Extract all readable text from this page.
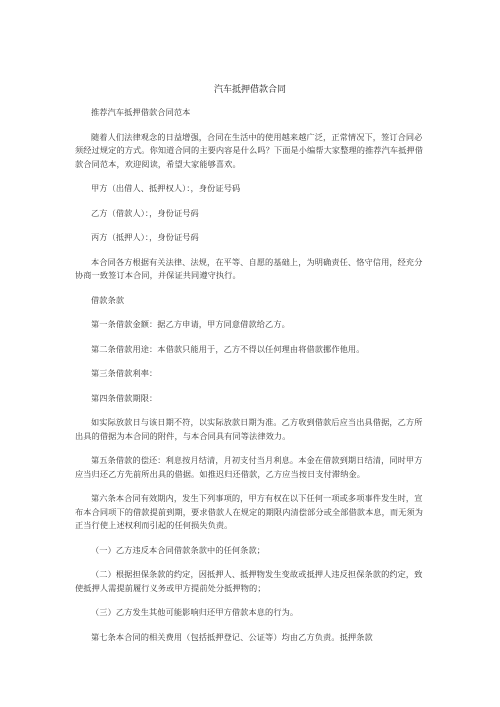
汽车抵押借款合同

推荐汽车抵押借款合同范本

随着人们法律观念的日益增强，合同在生活中的使用越来越广泛，正常情况下，签订合同必须经过规定的方式。你知道合同的主要内容是什么吗？下面是小编帮大家整理的推荐汽车抵押借款合同范本，欢迎阅读，希望大家能够喜欢。

甲方（出借人、抵押权人）：，身份证号码

乙方（借款人）：，身份证号码

丙方（抵押人）：，身份证号码

本合同各方根据有关法律、法规，在平等、自愿的基础上，为明确责任、恪守信用，经充分协商一致签订本合同，并保证共同遵守执行。

借款条款

第一条借款金额：据乙方申请，甲方同意借款给乙方。

第二条借款用途：本借款只能用于，乙方不得以任何理由将借款挪作他用。

第三条借款利率：

第四条借款期限：

如实际放款日与该日期不符，以实际放款日期为准。乙方收到借款后应当出具借据，乙方所出具的借据为本合同的附件，与本合同具有同等法律效力。

第五条借款的偿还：利息按月结清，月初支付当月利息。本金在借款到期日结清，同时甲方应当归还乙方先前所出具的借据。如推迟归还借款，乙方应当按日支付滞纳金。

第六条本合同有效期内，发生下列事项的，甲方有权在以下任何一项或多项事件发生时，宣布本合同项下的借款提前到期，要求借款人在规定的期限内清偿部分或全部借款本息，而无须为正当行使上述权利而引起的任何损失负责。

（一）乙方违反本合同借款条款中的任何条款；

（二）根据担保条款的约定，因抵押人、抵押物发生变故或抵押人违反担保条款的约定，致使抵押人需提前履行义务或甲方提前处分抵押物的；

（三）乙方发生其他可能影响归还甲方借款本息的行为。

第七条本合同的相关费用（包括抵押登记、公证等）均由乙方负责。抵押条款
